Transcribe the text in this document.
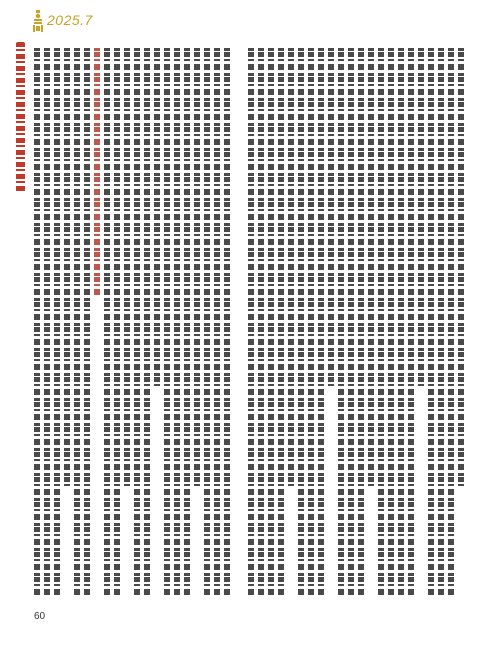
2025.7
60
